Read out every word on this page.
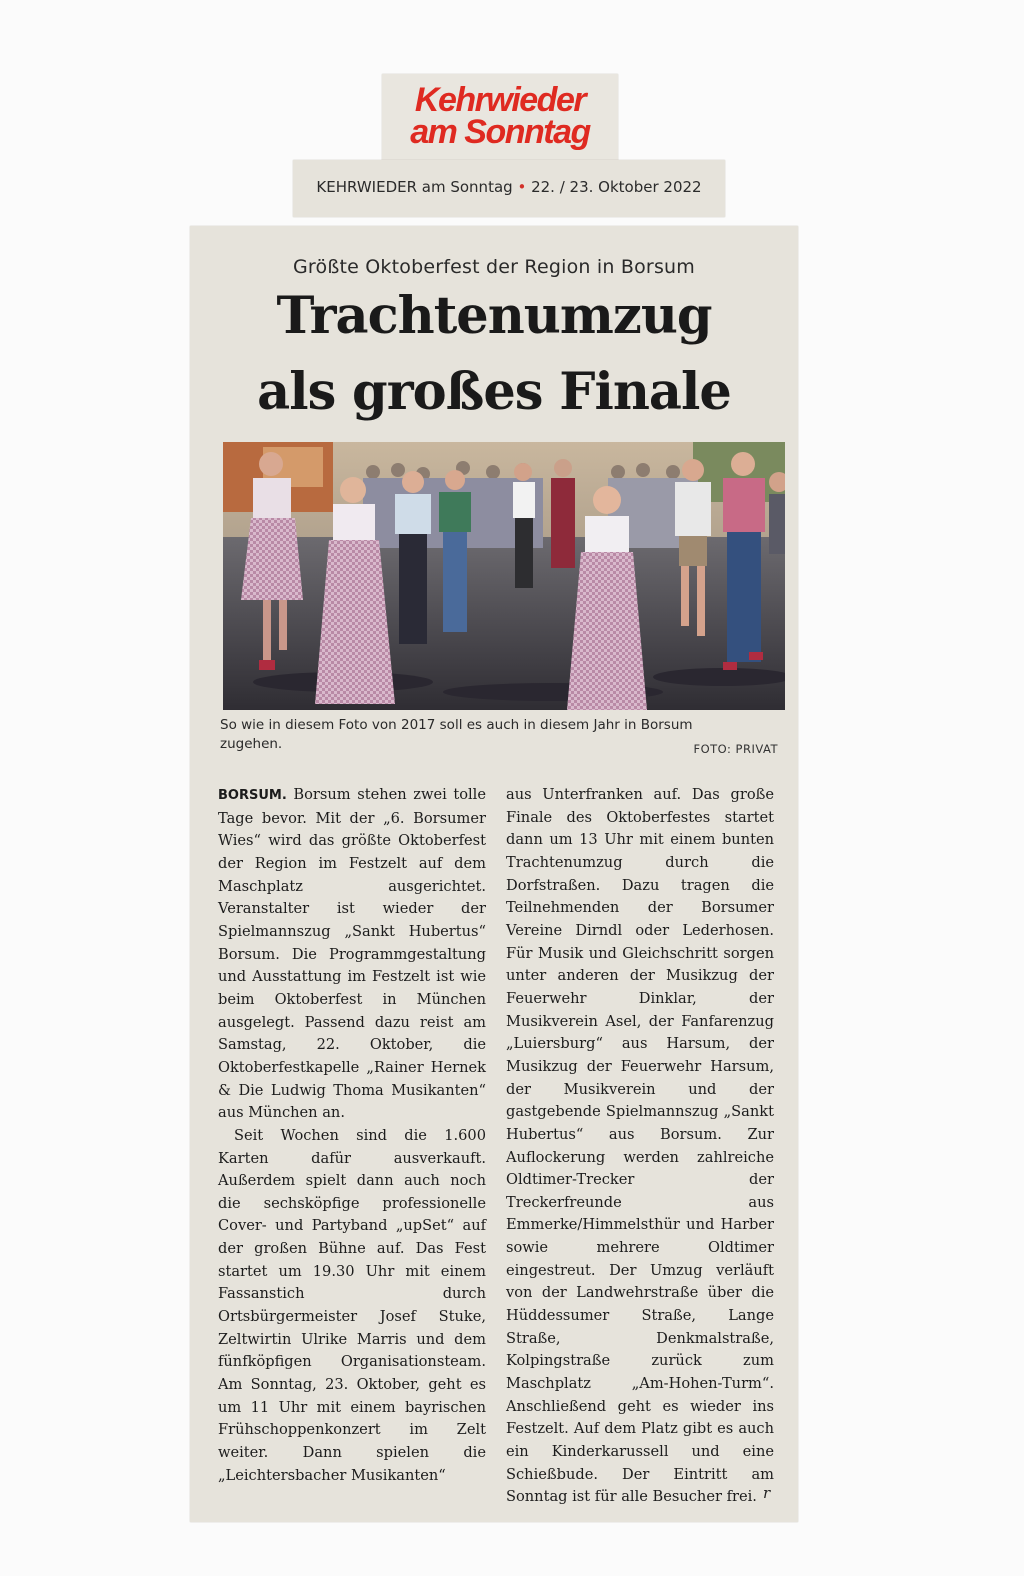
Kehrwieder
am Sonntag
KEHRWIEDER am Sonntag • 22. / 23. Oktober 2022
Größte Oktoberfest der Region in Borsum
Trachtenumzug
als großes Finale
So wie in diesem Foto von 2017 soll es auch in diesem Jahr in Borsum zugehen.	FOTO: PRIVAT

BORSUM. Borsum stehen zwei tolle Tage bevor. Mit der „6. Borsumer Wies“ wird das größte Oktoberfest der Region im Festzelt auf dem Maschplatz ausgerichtet. Veranstalter ist wieder der Spielmannszug „Sankt Hubertus“ Borsum. Die Programmgestaltung und Ausstattung im Festzelt ist wie beim Oktoberfest in München ausgelegt. Passend dazu reist am Samstag, 22. Oktober, die Oktoberfestkapelle „Rainer Hernek & Die Ludwig Thoma Musikanten“ aus München an.

Seit Wochen sind die 1.600 Karten dafür ausverkauft. Außerdem spielt dann auch noch die sechsköpfige professionelle Cover- und Partyband „upSet“ auf der großen Bühne auf. Das Fest startet um 19.30 Uhr mit einem Fassanstich durch Ortsbürgermeister Josef Stuke, Zeltwirtin Ulrike Marris und dem fünfköpfigen Organisationsteam. Am Sonntag, 23. Oktober, geht es um 11 Uhr mit einem bayrischen Frühschoppenkonzert im Zelt weiter. Dann spielen die „Leichtersbacher Musikanten“

aus Unterfranken auf. Das große Finale des Oktoberfestes startet dann um 13 Uhr mit einem bunten Trachtenumzug durch die Dorfstraßen. Dazu tragen die Teilnehmenden der Borsumer Vereine Dirndl oder Lederhosen. Für Musik und Gleichschritt sorgen unter anderen der Musikzug der Feuerwehr Dinklar, der Musikverein Asel, der Fanfarenzug „Luiersburg“ aus Harsum, der Musikzug der Feuerwehr Harsum, der Musikverein und der gastgebende Spielmannszug „Sankt Hubertus“ aus Borsum. Zur Auflockerung werden zahlreiche Oldtimer-Trecker der Treckerfreunde aus Emmerke/Himmelsthür und Harber sowie mehrere Oldtimer eingestreut. Der Umzug verläuft von der Landwehrstraße über die Hüddessumer Straße, Lange Straße, Denkmalstraße, Kolpingstraße zurück zum Maschplatz „Am-Hohen-Turm“. Anschließend geht es wieder ins Festzelt. Auf dem Platz gibt es auch ein Kinderkarussell und eine Schießbude. Der Eintritt am Sonntag ist für alle Besucher frei. r
